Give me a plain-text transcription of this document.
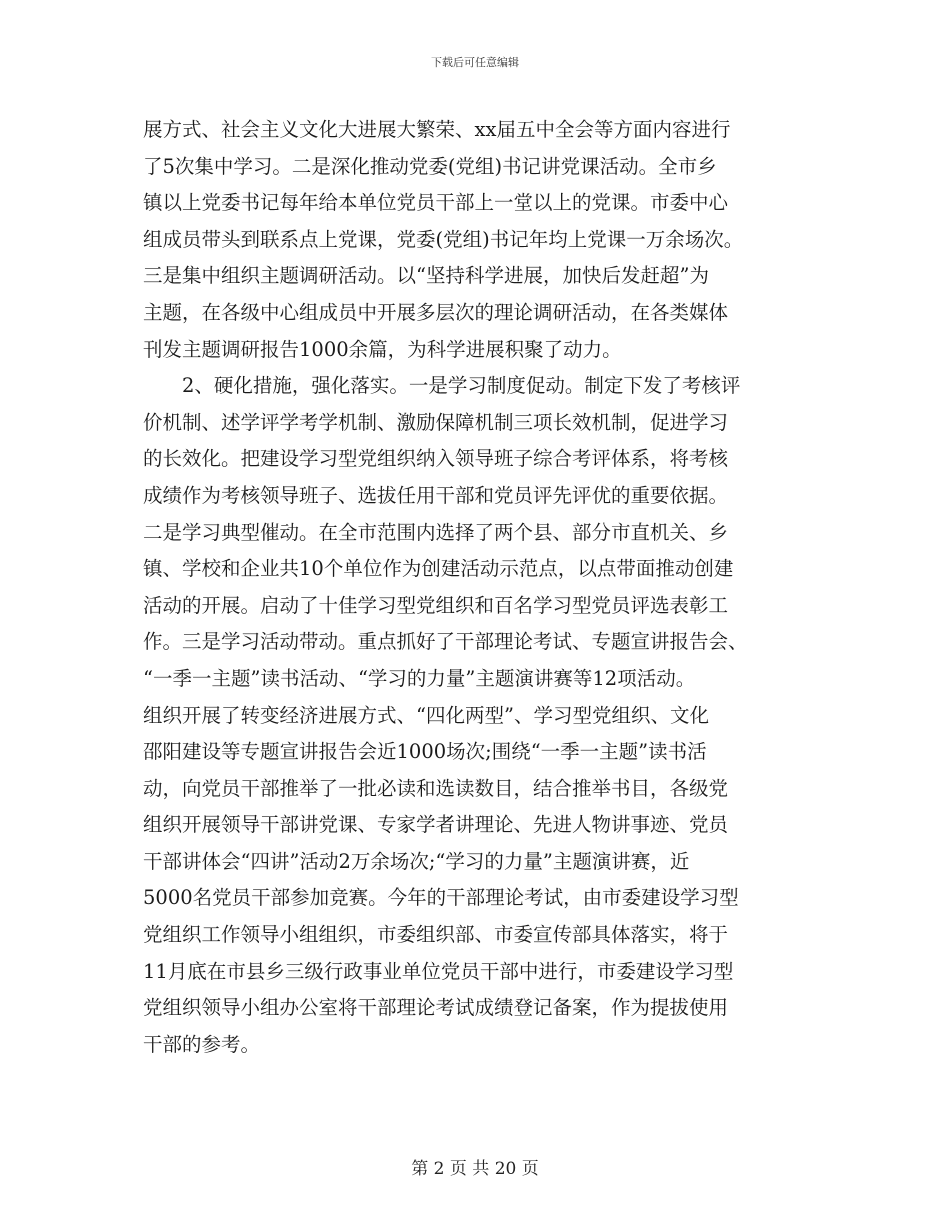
下载后可任意编辑
展方式、社会主义文化大进展大繁荣、xx届五中全会等方面内容进行
了5次集中学习。二是深化推动党委(党组)书记讲党课活动。全市乡
镇以上党委书记每年给本单位党员干部上一堂以上的党课。市委中心
组成员带头到联系点上党课，党委(党组)书记年均上党课一万余场次。
三是集中组织主题调研活动。以“坚持科学进展，加快后发赶超”为
主题，在各级中心组成员中开展多层次的理论调研活动，在各类媒体
刊发主题调研报告1000余篇，为科学进展积聚了动力。
2、硬化措施，强化落实。一是学习制度促动。制定下发了考核评
价机制、述学评学考学机制、激励保障机制三项长效机制，促进学习
的长效化。把建设学习型党组织纳入领导班子综合考评体系，将考核
成绩作为考核领导班子、选拔任用干部和党员评先评优的重要依据。
二是学习典型催动。在全市范围内选择了两个县、部分市直机关、乡
镇、学校和企业共10个单位作为创建活动示范点，以点带面推动创建
活动的开展。启动了十佳学习型党组织和百名学习型党员评选表彰工
作。三是学习活动带动。重点抓好了干部理论考试、专题宣讲报告会、
“一季一主题”读书活动、“学习的力量”主题演讲赛等12项活动。
组织开展了转变经济进展方式、“四化两型”、学习型党组织、文化
邵阳建设等专题宣讲报告会近1000场次;围绕“一季一主题”读书活
动，向党员干部推举了一批必读和选读数目，结合推举书目，各级党
组织开展领导干部讲党课、专家学者讲理论、先进人物讲事迹、党员
干部讲体会“四讲”活动2万余场次;“学习的力量”主题演讲赛，近
5000名党员干部参加竞赛。今年的干部理论考试，由市委建设学习型
党组织工作领导小组组织，市委组织部、市委宣传部具体落实，将于
11月底在市县乡三级行政事业单位党员干部中进行，市委建设学习型
党组织领导小组办公室将干部理论考试成绩登记备案，作为提拔使用
干部的参考。
第 2 页 共 20 页
